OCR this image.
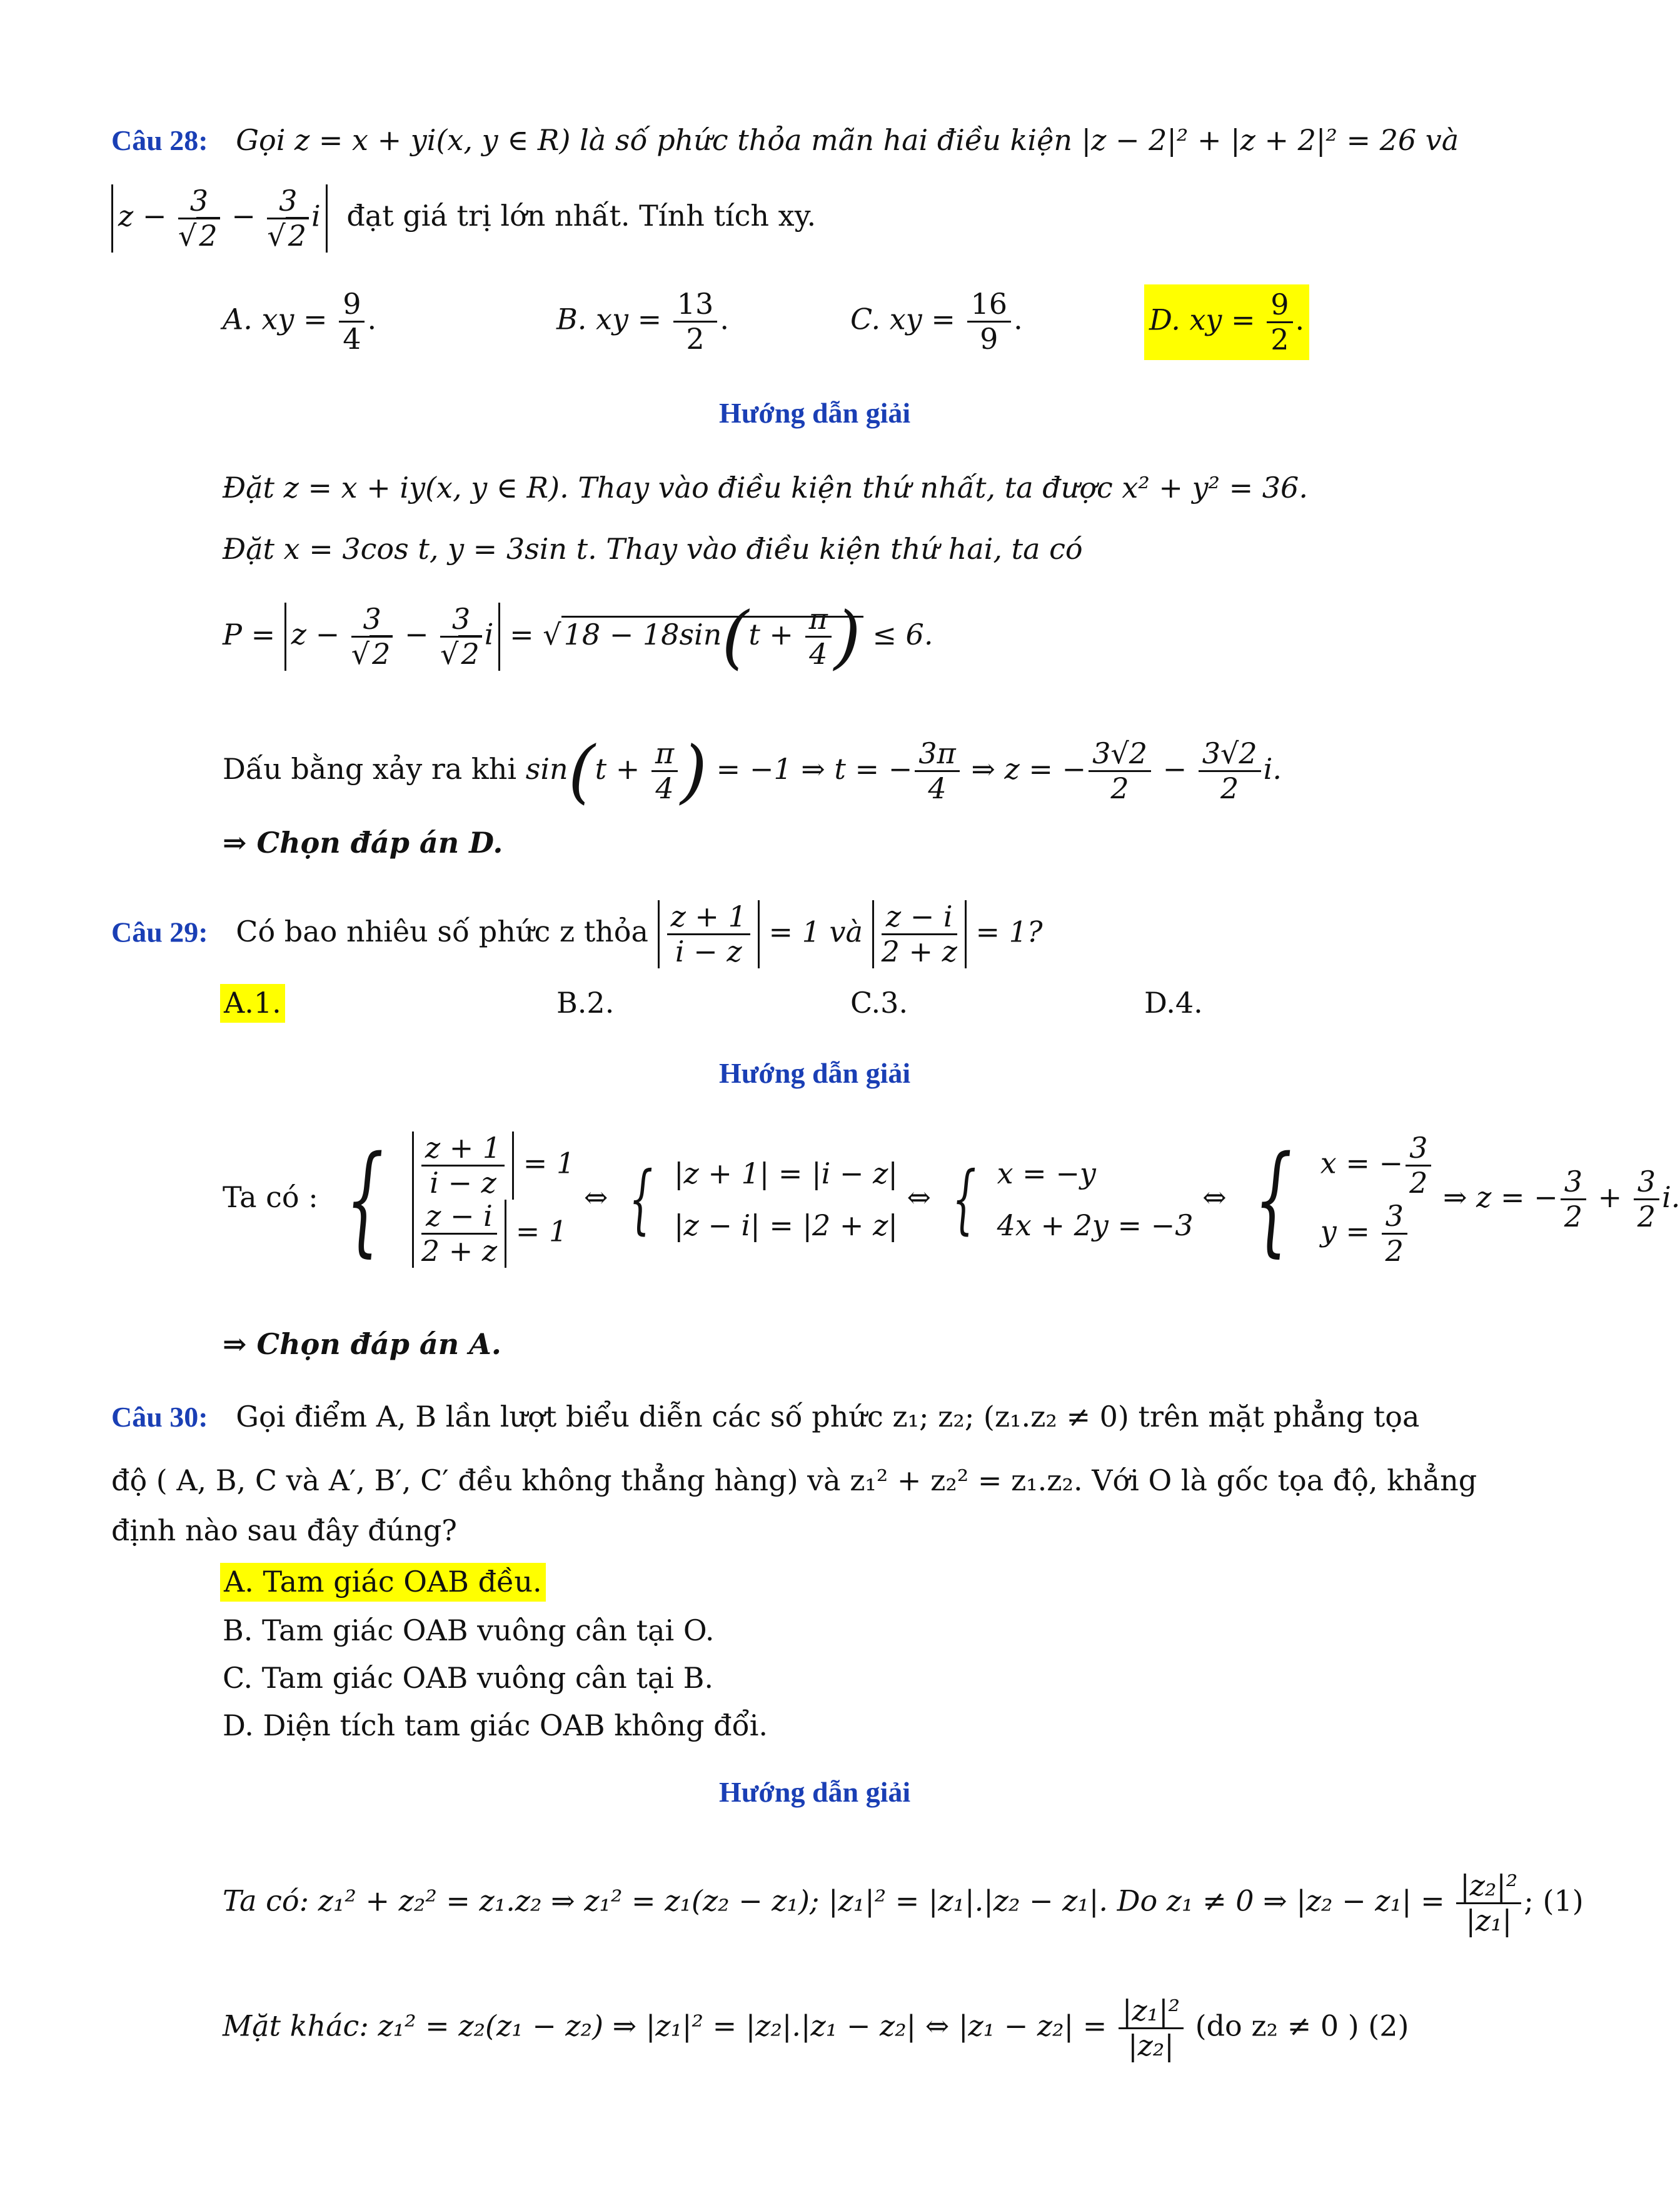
Câu 28: Gọi z = x + yi(x, y ∈ R) là số phức thỏa mãn hai điều kiện |z − 2|² + |z + 2|² = 26 và
$z - \frac{3}{√2} - \frac{3}{√2}$ i đạt giá trị lớn nhất. Tính tích xy.
A. xy = $\frac{9}{4}$ .	B. xy = $\frac{13}{2}$ .	C. xy = $\frac{16}{9}$ .	D. xy = $\frac{9}{2}$ .
Hướng dẫn giải
Đặt z = x + iy(x, y ∈ R). Thay vào điều kiện thứ nhất, ta được x² + y² = 36.
Đặt x = 3cos t, y = 3sin t. Thay vào điều kiện thứ hai, ta có
$P = z - \frac{3}{√2} - \frac{3}{√2}$ $i = √18 - 18\sin(t + \frac{\pi}{4}$ ) ≤ 6.
Dấu bằng xảy ra khi $\sin(t + \frac{\pi}{4}$ ) = −1 ⇒ t = − $\frac{3\pi}{4}$ ⇒ z = − $\frac{3√2}{2} - \frac{3√2}{2} i$.
⇒ Chọn đáp án D.
Câu 29: Có bao nhiêu số phức z thỏa $\frac{z + 1}{i - z} = 1$ và $\frac{z - i}{2 + z} = 1$?
A.1.	B.2.	C.3.	D.4.
Hướng dẫn giải
Ta có : { $\frac{z + 1}{i - z} = 1$
$\frac{z - i}{2 + z} = 1$
⇔ { |z + 1| = |i − z|
|z − i| = |2 + z|
⇔ { x = −y
4x + 2y = −3
⇔ { x = − $\frac{3}{2}$
$y = \frac{3}{2}$
⇒ z = − $\frac{3}{2} + \frac{3}{2} i$.
⇒ Chọn đáp án A.
Câu 30: Gọi điểm A, B lần lượt biểu diễn các số phức z₁; z₂; (z₁.z₂ ≠ 0) trên mặt phẳng tọa
độ ( A, B, C và A′, B′, C′ đều không thẳng hàng) và z₁² + z₂² = z₁.z₂. Với O là gốc tọa độ, khẳng
định nào sau đây đúng?
A. Tam giác OAB đều.
B. Tam giác OAB vuông cân tại O.
C. Tam giác OAB vuông cân tại B.
D. Diện tích tam giác OAB không đổi.
Hướng dẫn giải
Ta có: z₁² + z₂² = z₁.z₂ ⇒ z₁² = z₁(z₂ − z₁); |z₁|² = |z₁|.|z₂ − z₁|. Do z₁ ≠ 0 ⇒ $|z_2 - z_1| = \frac{\text{|z₂|²}}{\text{|z₁|}}$ ; (1)
Mặt khác: z₁² = z₂(z₁ − z₂) ⇒ |z₁|² = |z₂|.|z₁ − z₂| ⇔ $|z_1 - z_2| = \frac{\text{|z₁|²}}{\text{|z₂|}} (do$ z₂ ≠ 0 ) (2)
